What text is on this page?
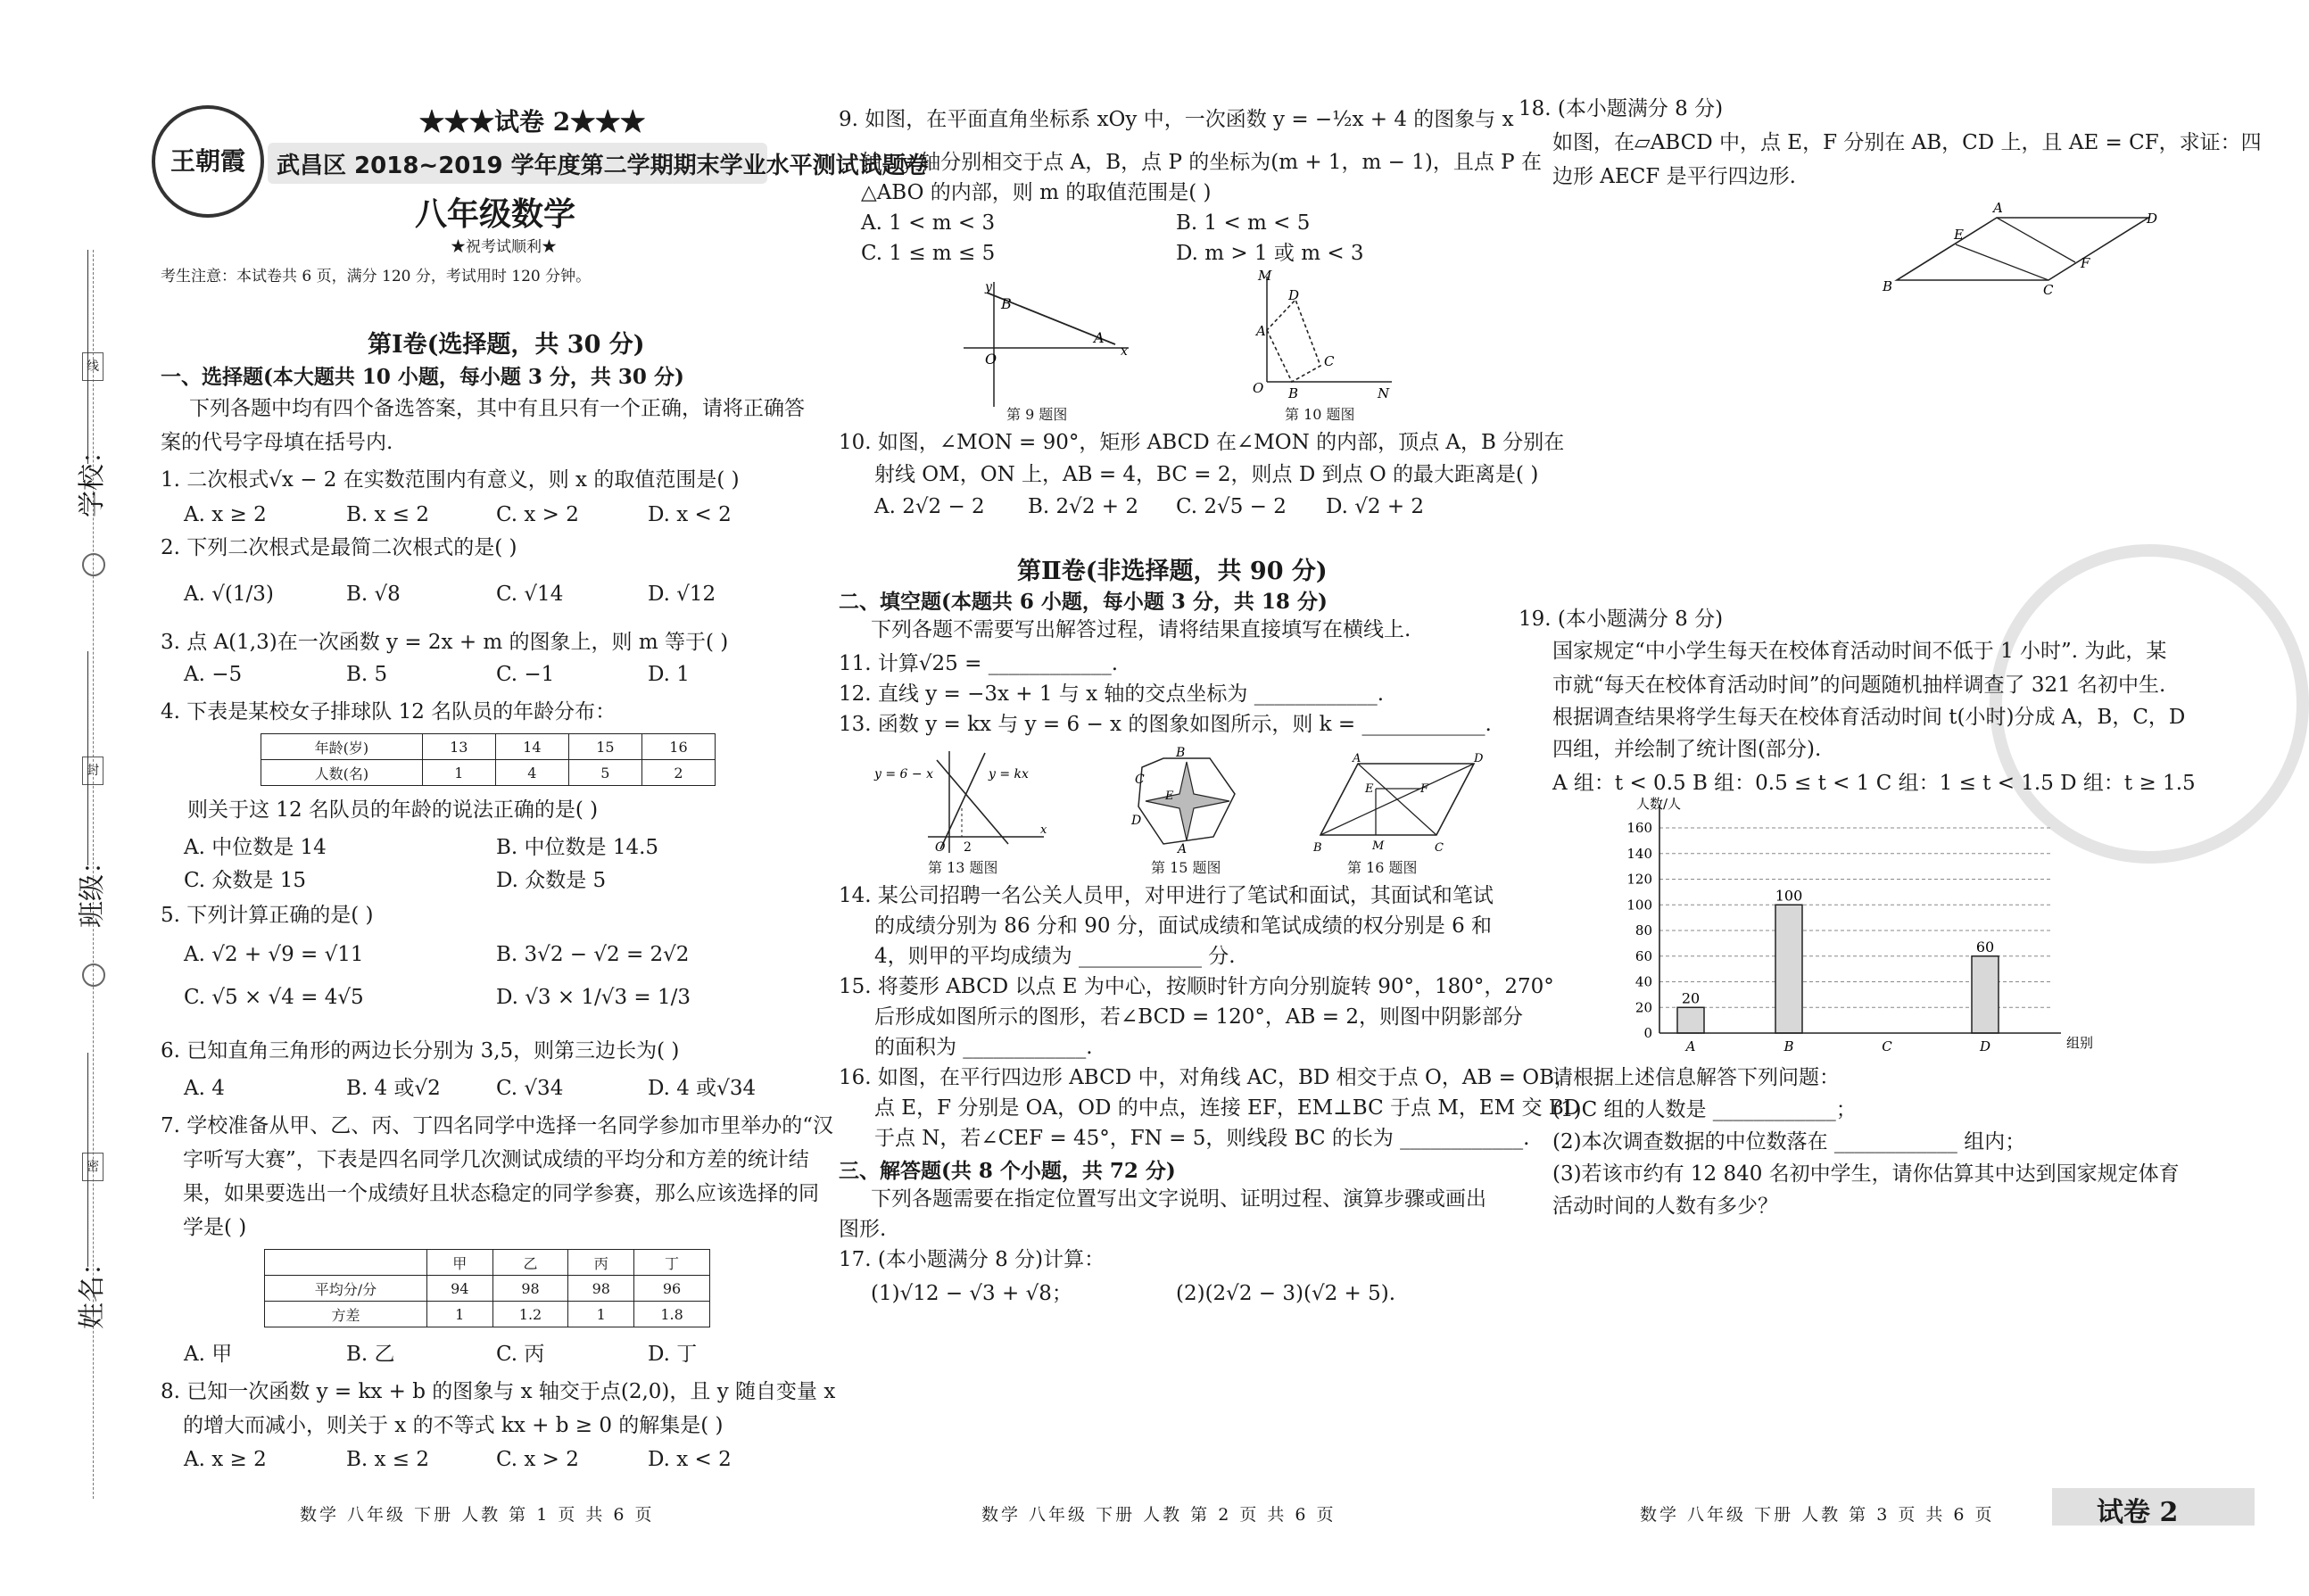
线
封
密
学校：
班级：
姓名：
王朝霞
★★★试卷 2★★★
武昌区 2018~2019 学年度第二学期期末学业水平测试试题卷
八年级数学
★祝考试顺利★
考生注意：本试卷共 6 页，满分 120 分，考试用时 120 分钟。
第Ⅰ卷(选择题，共 30 分)
一、选择题(本大题共 10 小题，每小题 3 分，共 30 分)
下列各题中均有四个备选答案，其中有且只有一个正确，请将正确答
案的代号字母填在括号内.
1. 二次根式√x − 2 在实数范围内有意义，则 x 的取值范围是( )
A. x ≥ 2	B. x ≤ 2	C. x > 2	D. x < 2
2. 下列二次根式是最简二次根式的是( )
A. √(1/3)	B. √8	C. √14	D. √12
3. 点 A(1,3)在一次函数 y = 2x + m 的图象上，则 m 等于( )
A. −5	B. 5	C. −1	D. 1
4. 下表是某校女子排球队 12 名队员的年龄分布：
年龄(岁)	13	14	15	16
人数(名)	1	4	5	2
则关于这 12 名队员的年龄的说法正确的是( )
A. 中位数是 14	B. 中位数是 14.5
C. 众数是 15	D. 众数是 5
5. 下列计算正确的是( )
A. √2 + √9 = √11	B. 3√2 − √2 = 2√2
C. √5 × √4 = 4√5	D. √3 × 1/√3 = 1/3
6. 已知直角三角形的两边长分别为 3,5，则第三边长为( )
A. 4	B. 4 或√2	C. √34	D. 4 或√34
7. 学校准备从甲、乙、丙、丁四名同学中选择一名同学参加市里举办的“汉
字听写大赛”，下表是四名同学几次测试成绩的平均分和方差的统计结
果，如果要选出一个成绩好且状态稳定的同学参赛，那么应该选择的同
学是( )
	甲	乙	丙	丁
平均分/分	94	98	98	96
方差	1	1.2	1	1.8
A. 甲	B. 乙	C. 丙	D. 丁
8. 已知一次函数 y = kx + b 的图象与 x 轴交于点(2,0)，且 y 随自变量 x
的增大而减小，则关于 x 的不等式 kx + b ≥ 0 的解集是( )
A. x ≥ 2	B. x ≤ 2	C. x > 2	D. x < 2
数学 八年级 下册 人教 第 1 页 共 6 页
9. 如图，在平面直角坐标系 xOy 中，一次函数 y = −½x + 4 的图象与 x
轴、y 轴分别相交于点 A，B，点 P 的坐标为(m + 1，m − 1)，且点 P 在
△ABO 的内部，则 m 的取值范围是( )
A. 1 < m < 3	B. 1 < m < 5
C. 1 ≤ m ≤ 5	D. m > 1 或 m < 3
B
A
O	x
y
第 9 题图
M
A
B
C
D
O	N
第 10 题图
10. 如图，∠MON = 90°，矩形 ABCD 在∠MON 的内部，顶点 A，B 分别在
射线 OM，ON 上，AB = 4，BC = 2，则点 D 到点 O 的最大距离是( )
A. 2√2 − 2 B. 2√2 + 2 C. 2√5 − 2 D. √2 + 2
第Ⅱ卷(非选择题，共 90 分)
二、填空题(本题共 6 小题，每小题 3 分，共 18 分)
下列各题不需要写出解答过程，请将结果直接填写在横线上.
11. 计算√25 = ____________.
12. 直线 y = −3x + 1 与 x 轴的交点坐标为 ____________.
13. 函数 y = kx 与 y = 6 − x 的图象如图所示，则 k = ____________.
y = 6 − x	y = kx
O 2
x
第 13 题图
B
C
D
A
E
第 15 题图
A	D
B	C
E	F
M
第 16 题图
14. 某公司招聘一名公关人员甲，对甲进行了笔试和面试，其面试和笔试
的成绩分别为 86 分和 90 分，面试成绩和笔试成绩的权分别是 6 和
4，则甲的平均成绩为 ____________ 分.
15. 将菱形 ABCD 以点 E 为中心，按顺时针方向分别旋转 90°，180°，270°
后形成如图所示的图形，若∠BCD = 120°，AB = 2，则图中阴影部分
的面积为 ____________.
16. 如图，在平行四边形 ABCD 中，对角线 AC，BD 相交于点 O，AB = OB，
点 E，F 分别是 OA，OD 的中点，连接 EF，EM⊥BC 于点 M，EM 交 BD
于点 N，若∠CEF = 45°，FN = 5，则线段 BC 的长为 ____________.
三、解答题(共 8 个小题，共 72 分)
下列各题需要在指定位置写出文字说明、证明过程、演算步骤或画出
图形.
17. (本小题满分 8 分)计算：
(1)√12 − √3 + √8；	(2)(2√2 − 3)(√2 + 5).
数学 八年级 下册 人教 第 2 页 共 6 页
18. (本小题满分 8 分)
如图，在▱ABCD 中，点 E，F 分别在 AB，CD 上，且 AE = CF，求证：四
边形 AECF 是平行四边形.
A
D
B	C
E
F
19. (本小题满分 8 分)
国家规定“中小学生每天在校体育活动时间不低于 1 小时”. 为此，某
市就“每天在校体育活动时间”的问题随机抽样调查了 321 名初中生.
根据调查结果将学生每天在校体育活动时间 t(小时)分成 A，B，C，D
四组，并绘制了统计图(部分).
A 组：t < 0.5 B 组：0.5 ≤ t < 1 C 组：1 ≤ t < 1.5 D 组：t ≥ 1.5
0
20
40
60
80
100
120
140
160
20
100
60
A	B	C	D
人数/人
组别
请根据上述信息解答下列问题：
(1)C 组的人数是 ____________；
(2)本次调查数据的中位数落在 ____________ 组内；
(3)若该市约有 12 840 名初中学生，请你估算其中达到国家规定体育
活动时间的人数有多少？
数学 八年级 下册 人教 第 3 页 共 6 页	试卷 2
